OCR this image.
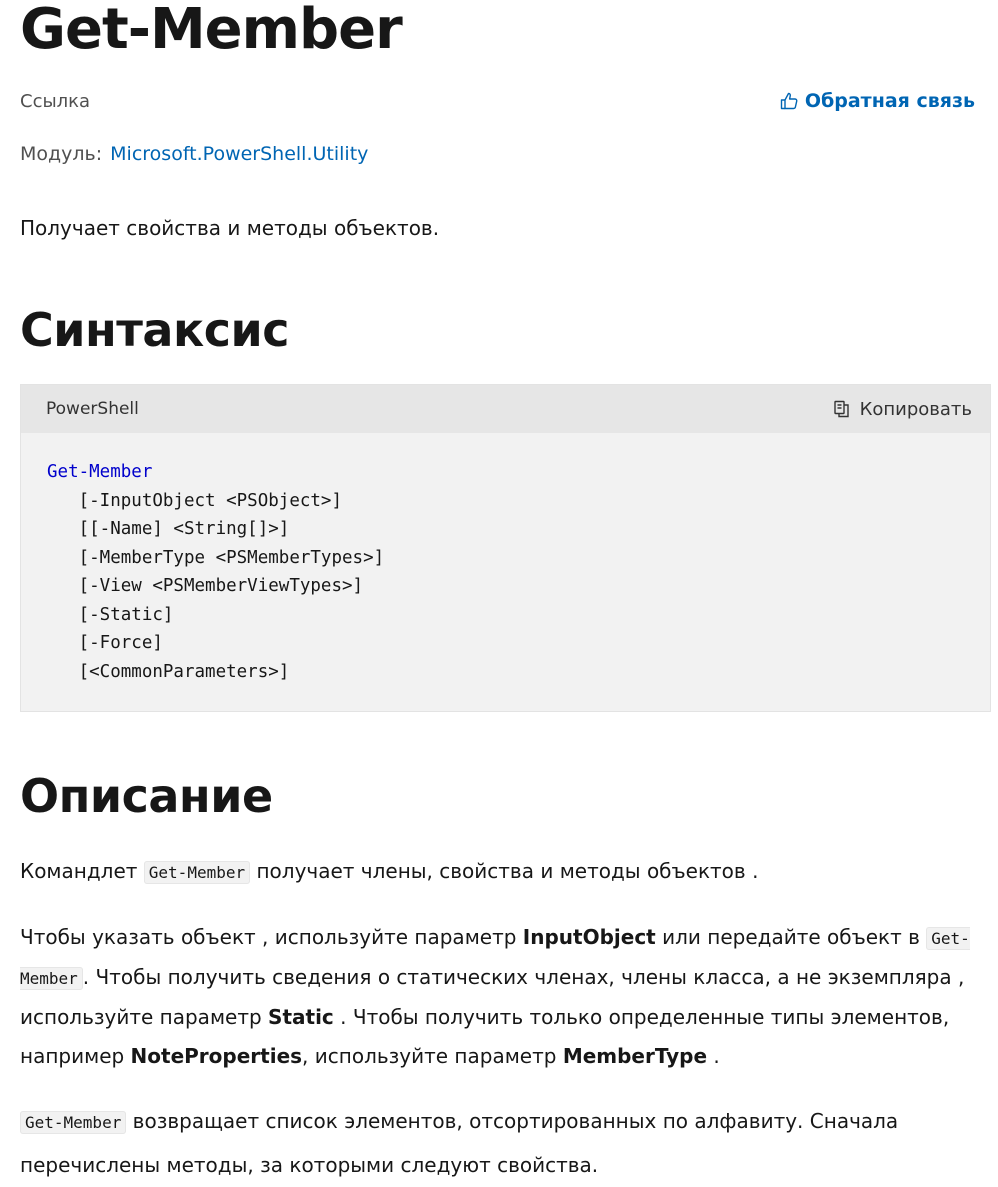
Get-Member
Ссылка	Обратная связь
Модуль: Microsoft.PowerShell.Utility

Получает свойства и методы объектов.

Синтаксис
PowerShell	Копировать
Get-Member
[-InputObject <PSObject>]
[[-Name] <String[]>]
[-MemberType <PSMemberTypes>]
[-View <PSMemberViewTypes>]
[-Static]
[-Force]
[<CommonParameters>]
Описание

Командлет Get-Member получает члены, свойства и методы объектов .

Чтобы указать объект , используйте параметр InputObject или передайте объект в Get-Member . Чтобы получить сведения о статических членах, члены класса, а не экземпляра , используйте параметр Static . Чтобы получить только определенные типы элементов, например NoteProperties, используйте параметр MemberType .

Get-Member возвращает список элементов, отсортированных по алфавиту. Сначала перечислены методы, за которыми следуют свойства.
